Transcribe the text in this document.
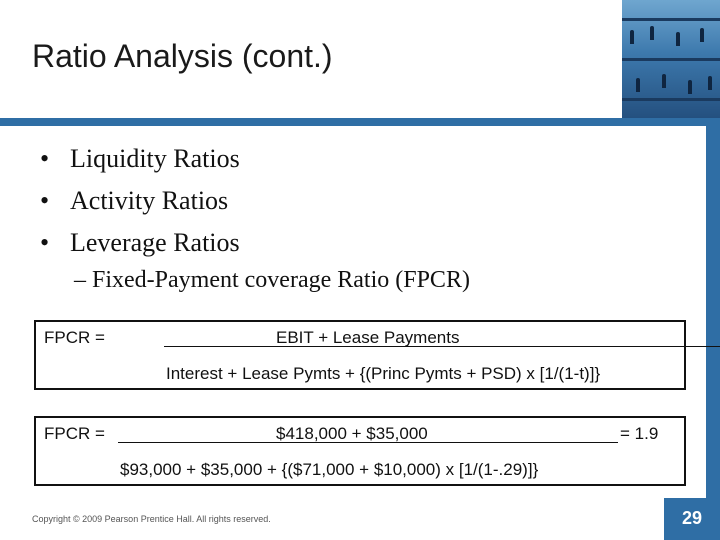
Ratio Analysis (cont.)
• Liquidity Ratios
• Activity Ratios
• Leverage Ratios
– Fixed-Payment coverage Ratio (FPCR)
FPCR =	EBIT + Lease Payments
Interest + Lease Pymts + {(Princ Pymts + PSD) x [1/(1-t)]}
FPCR =	$418,000 + $35,000	= 1.9
$93,000 + $35,000 + {($71,000 + $10,000) x [1/(1-.29)]}
Copyright © 2009 Pearson Prentice Hall. All rights reserved.	29
